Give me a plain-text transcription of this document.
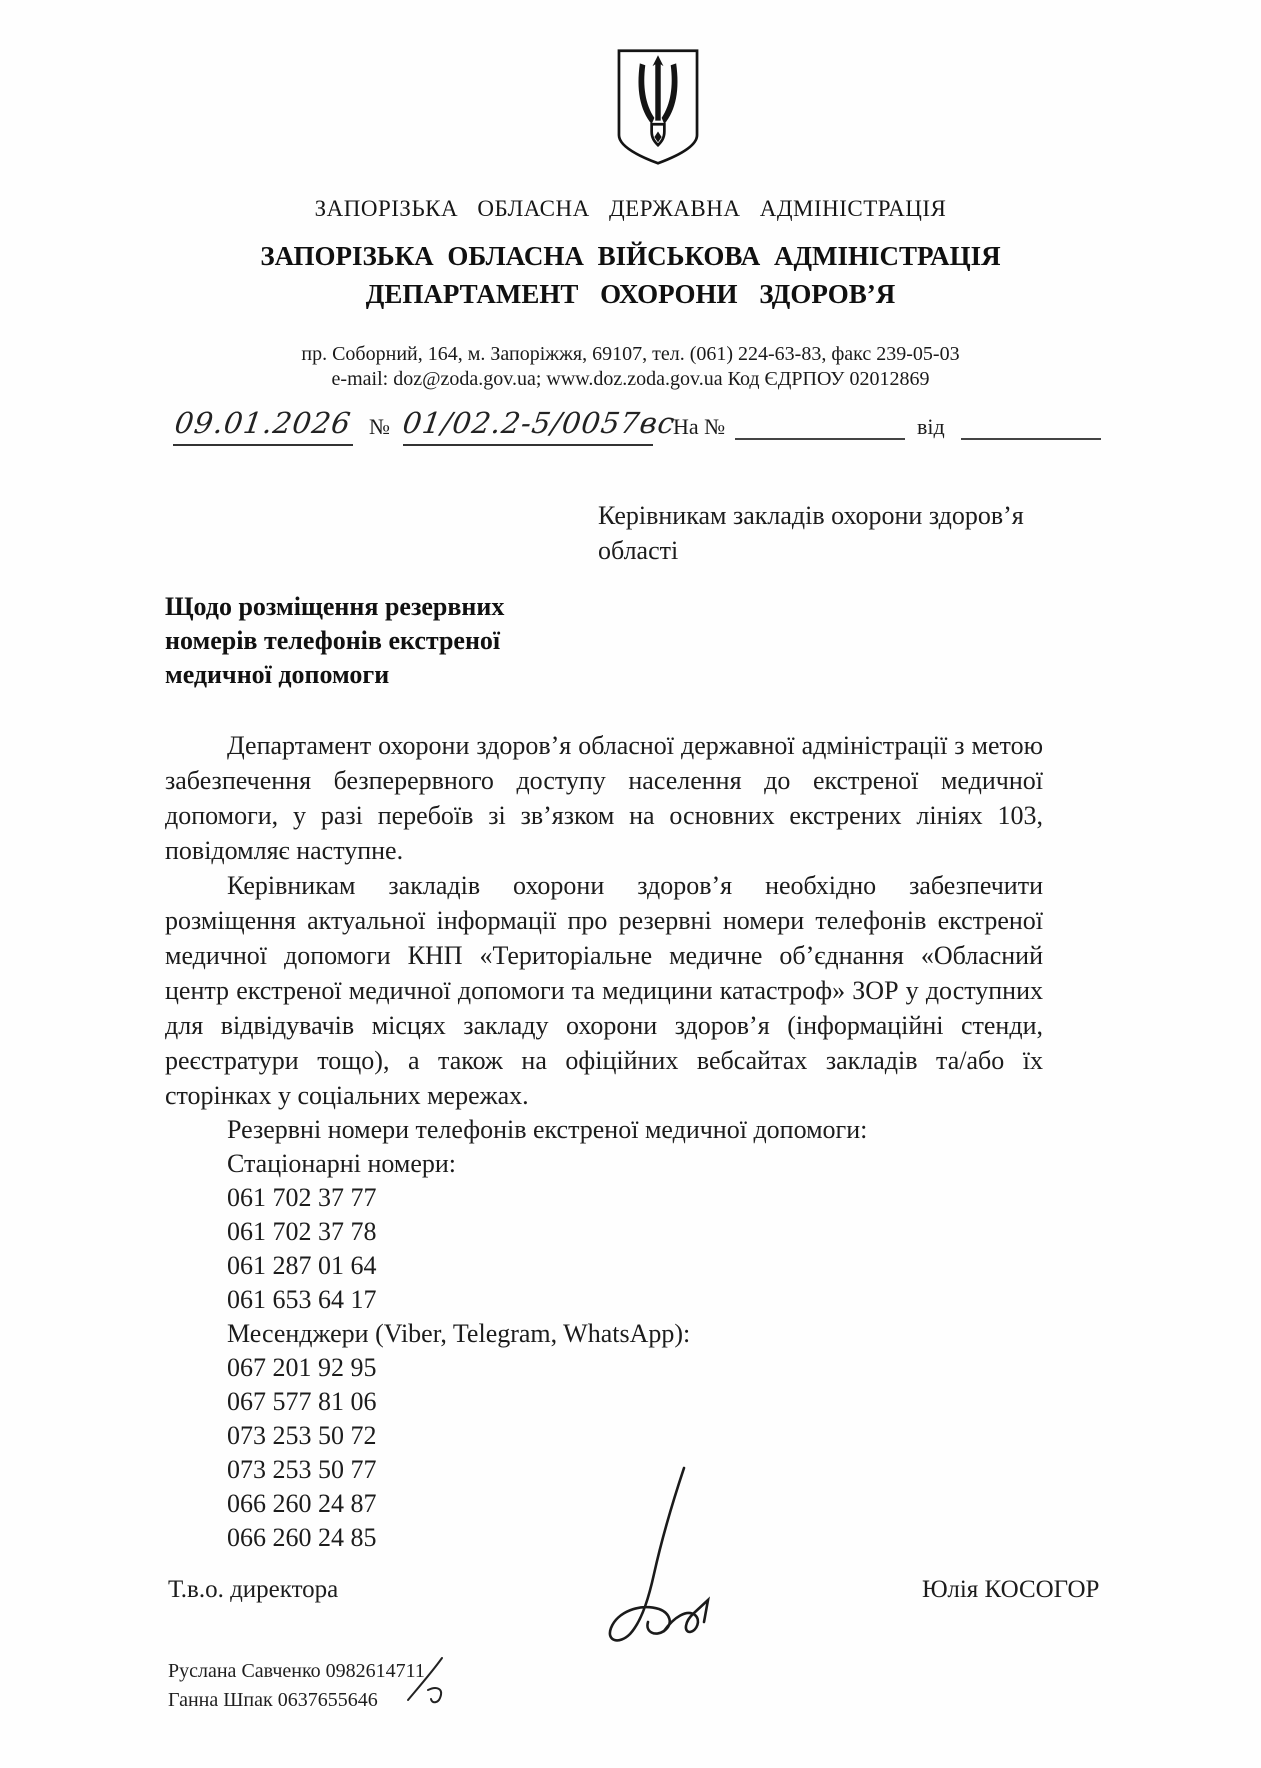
ЗАПОРІЗЬКА ОБЛАСНА ДЕРЖАВНА АДМІНІСТРАЦІЯ
ЗАПОРІЗЬКА ОБЛАСНА ВІЙСЬКОВА АДМІНІСТРАЦІЯ
ДЕПАРТАМЕНТ ОХОРОНИ ЗДОРОВ’Я
пр. Соборний, 164, м. Запоріжжя, 69107, тел. (061) 224-63-83, факс 239-05-03
e-mail: doz@zoda.gov.ua; www.doz.zoda.gov.ua Код ЄДРПОУ 02012869
09.01.2026 № 01/02.2-5/0057вс
На №	від
Керівникам закладів охорони здоров’я
області
Щодо розміщення резервних
номерів телефонів екстреної
медичної допомоги

Департамент охорони здоров’я обласної державної адміністрації з метою забезпечення безперервного доступу населення до екстреної медичної допомоги, у разі перебоїв зі зв’язком на основних екстрених лініях 103, повідомляє наступне.

Керівникам закладів охорони здоров’я необхідно забезпечити розміщення актуальної інформації про резервні номери телефонів екстреної медичної допомоги КНП «Територіальне медичне об’єднання «Обласний центр екстреної медичної допомоги та медицини катастроф» ЗОР у доступних для відвідувачів місцях закладу охорони здоров’я (інформаційні стенди, реєстратури тощо), а також на офіційних вебсайтах закладів та/або їх сторінках у соціальних мережах.

Резервні номери телефонів екстреної медичної допомоги:

Стаціонарні номери:

061 702 37 77

061 702 37 78

061 287 01 64

061 653 64 17

Месенджери (Viber, Telegram, WhatsApp):

067 201 92 95

067 577 81 06

073 253 50 72

073 253 50 77

066 260 24 87

066 260 24 85

Т.в.о. директора	Юлія КОСОГОР
Руслана Савченко 0982614711
Ганна Шпак 0637655646
